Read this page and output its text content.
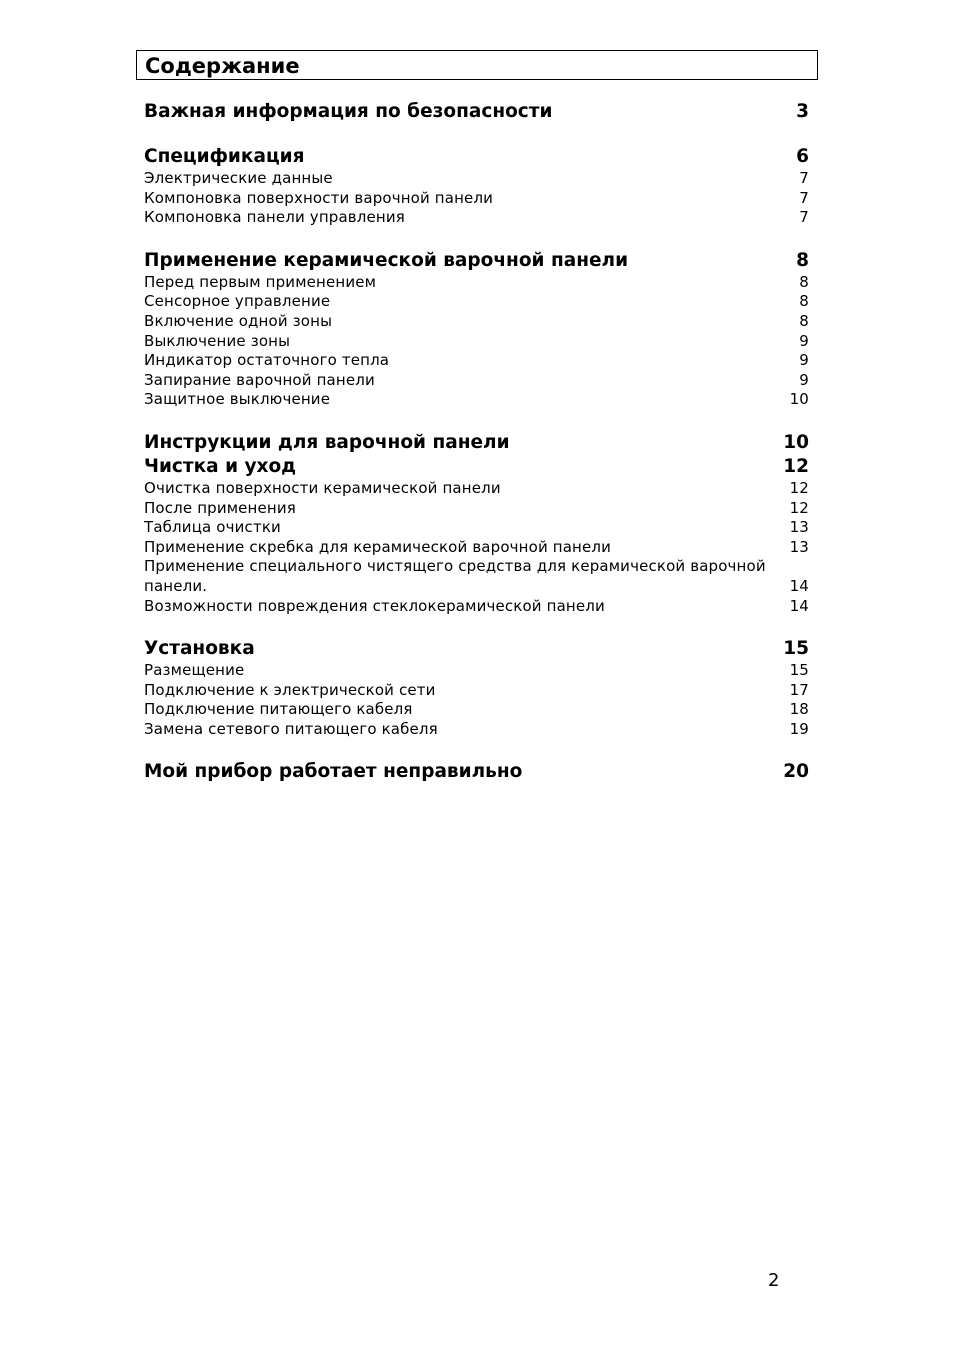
Содержание
Важная информация по безопасности	3
Спецификация	6
Электрические данные	7
Компоновка поверхности варочной панели	7
Компоновка панели управления	7
Применение керамической варочной панели	8
Перед первым применением	8
Сенсорное управление	8
Включение одной зоны	8
Выключение зоны	9
Индикатор остаточного тепла	9
Запирание варочной панели	9
Защитное выключение	10
Инструкции для варочной панели	10
Чистка и уход	12
Очистка поверхности керамической панели	12
После применения	12
Таблица очистки	13
Применение скребка для керамической варочной панели	13
Применение специального чистящего средства для керамической варочной панели.	14
Возможности повреждения стеклокерамической панели	14
Установка	15
Размещение	15
Подключение к электрической сети	17
Подключение питающего кабеля	18
Замена сетевого питающего кабеля	19
Мой прибор работает неправильно	20
2
